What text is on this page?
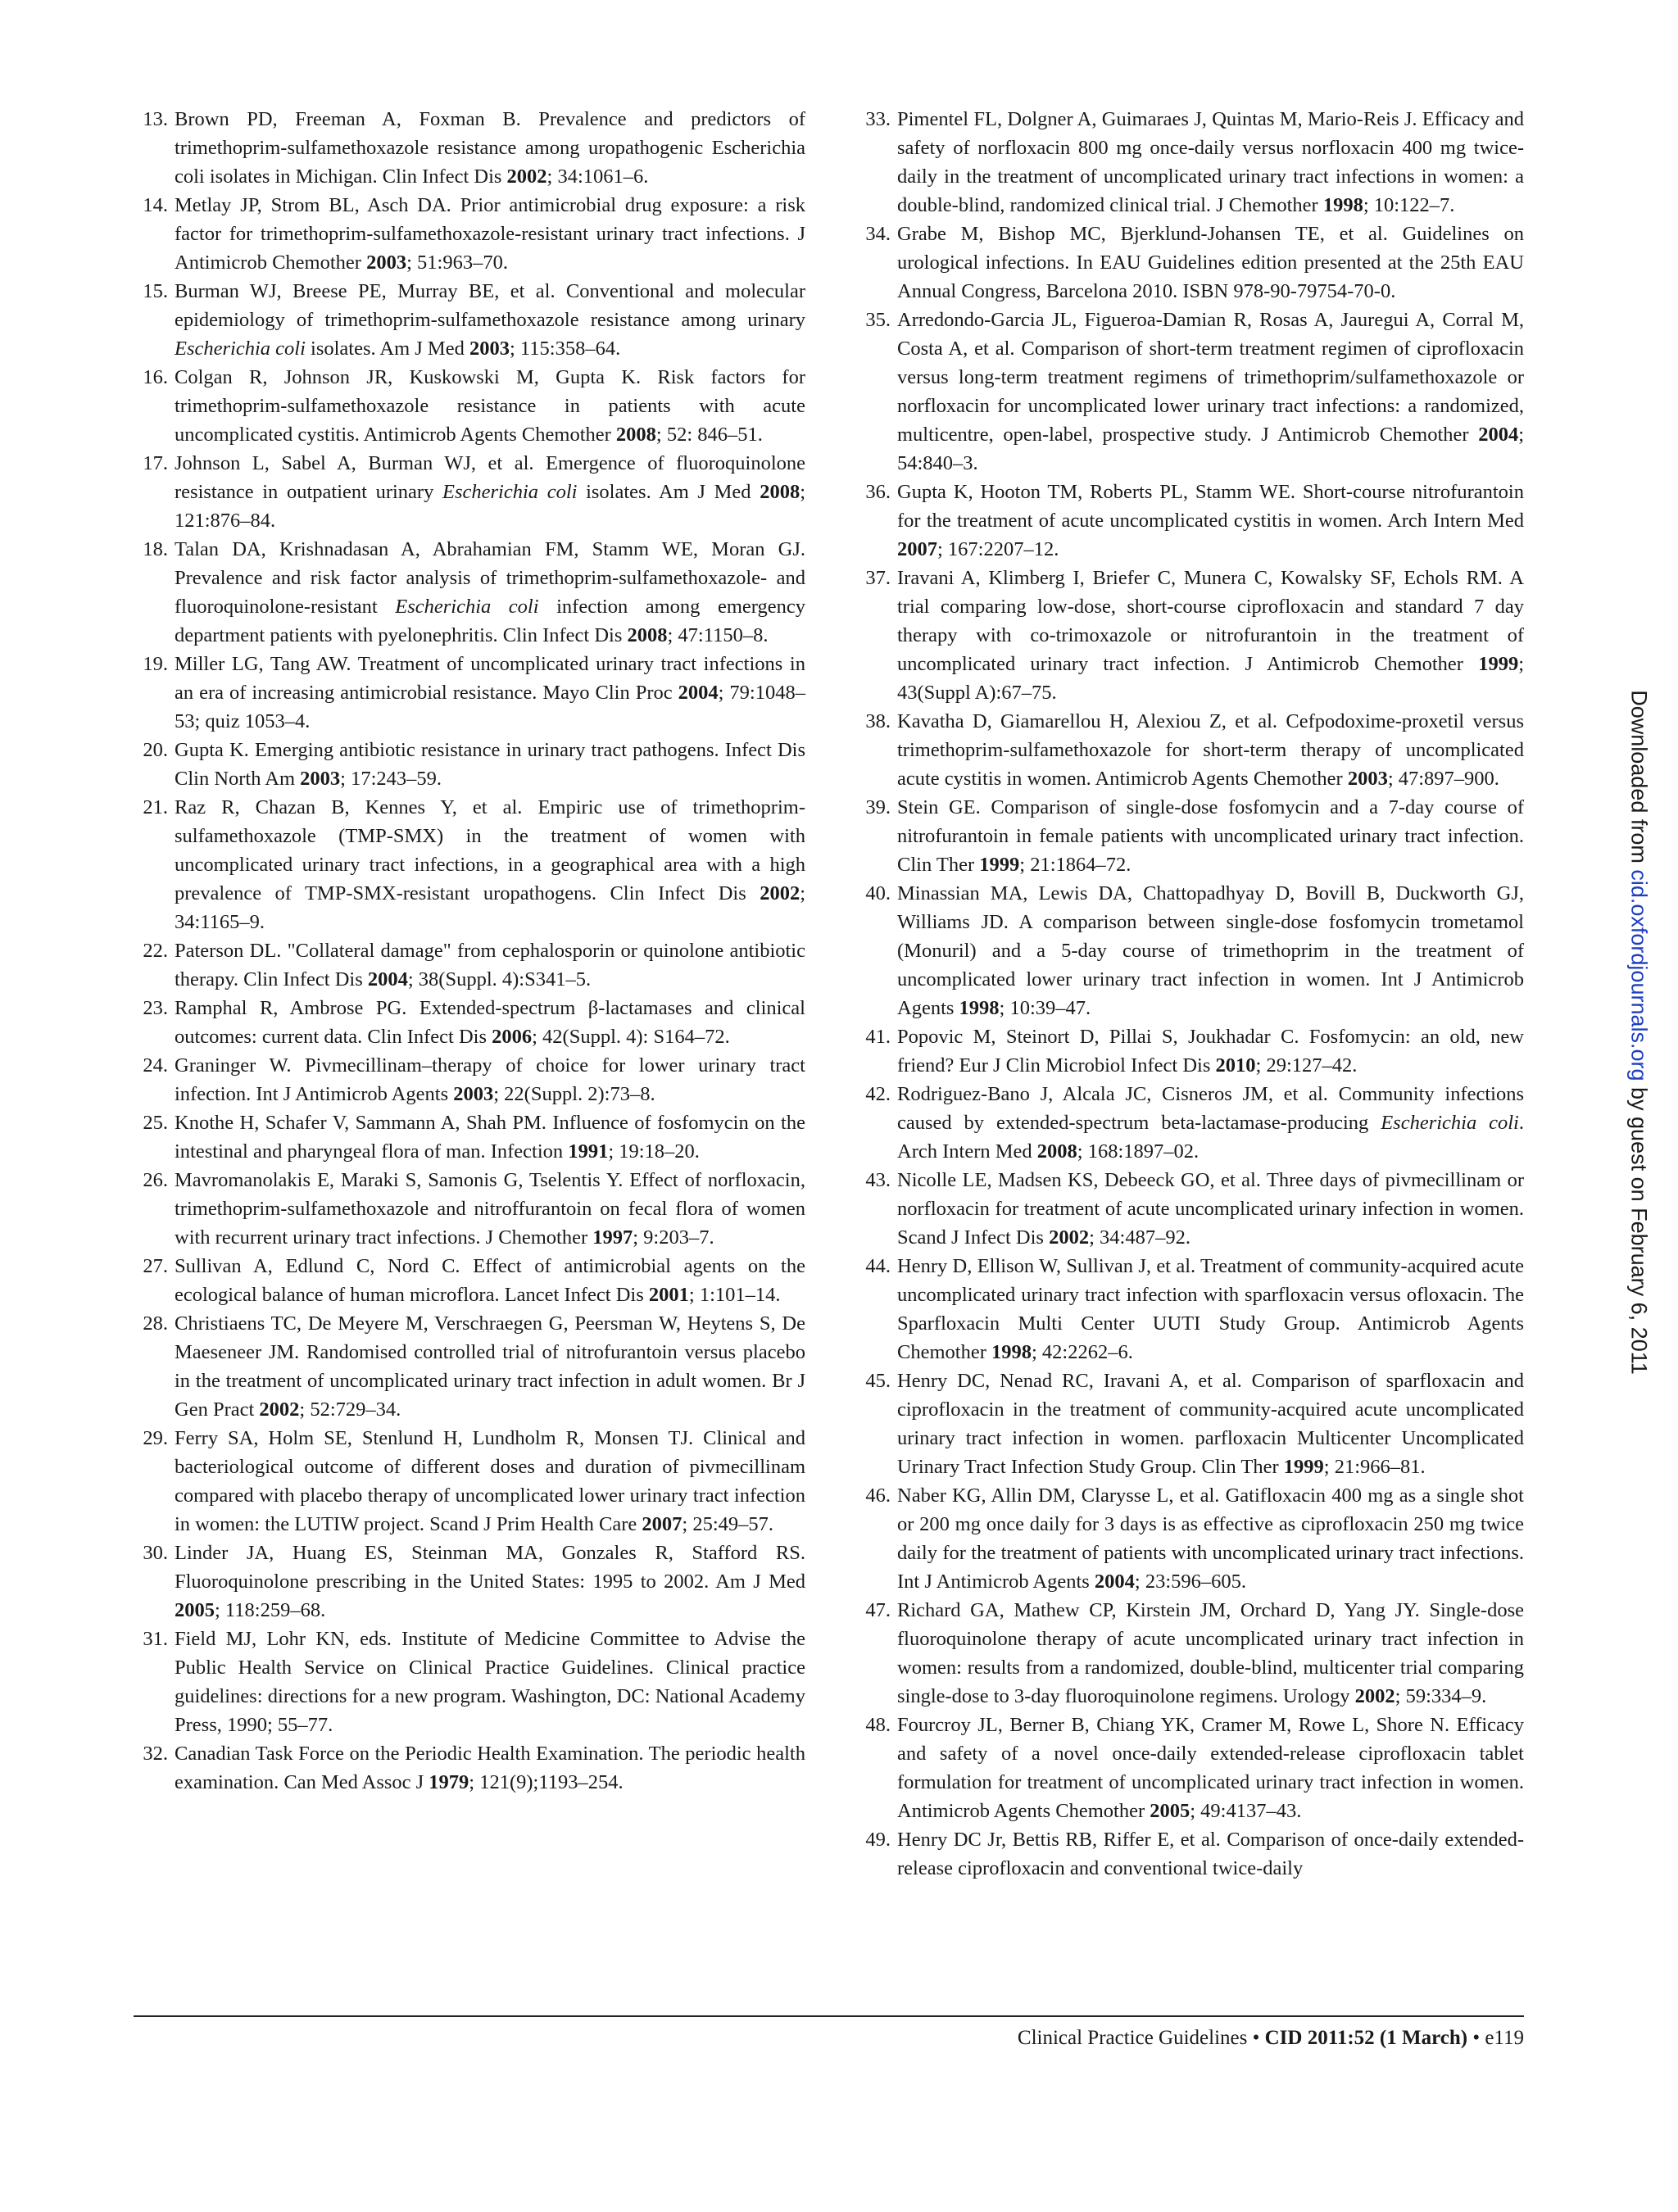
13. Brown PD, Freeman A, Foxman B. Prevalence and predictors of trimethoprim-sulfamethoxazole resistance among uropathogenic Escherichia coli isolates in Michigan. Clin Infect Dis 2002; 34:1061–6.
14. Metlay JP, Strom BL, Asch DA. Prior antimicrobial drug exposure: a risk factor for trimethoprim-sulfamethoxazole-resistant urinary tract infections. J Antimicrob Chemother 2003; 51:963–70.
15. Burman WJ, Breese PE, Murray BE, et al. Conventional and molecular epidemiology of trimethoprim-sulfamethoxazole resistance among urinary Escherichia coli isolates. Am J Med 2003; 115:358–64.
16. Colgan R, Johnson JR, Kuskowski M, Gupta K. Risk factors for trimethoprim-sulfamethoxazole resistance in patients with acute uncomplicated cystitis. Antimicrob Agents Chemother 2008; 52: 846–51.
17. Johnson L, Sabel A, Burman WJ, et al. Emergence of fluoroquinolone resistance in outpatient urinary Escherichia coli isolates. Am J Med 2008; 121:876–84.
18. Talan DA, Krishnadasan A, Abrahamian FM, Stamm WE, Moran GJ. Prevalence and risk factor analysis of trimethoprim-sulfamethoxazole- and fluoroquinolone-resistant Escherichia coli infection among emergency department patients with pyelonephritis. Clin Infect Dis 2008; 47:1150–8.
19. Miller LG, Tang AW. Treatment of uncomplicated urinary tract infections in an era of increasing antimicrobial resistance. Mayo Clin Proc 2004; 79:1048–53; quiz 1053–4.
20. Gupta K. Emerging antibiotic resistance in urinary tract pathogens. Infect Dis Clin North Am 2003; 17:243–59.
21. Raz R, Chazan B, Kennes Y, et al. Empiric use of trimethoprim-sulfamethoxazole (TMP-SMX) in the treatment of women with uncomplicated urinary tract infections, in a geographical area with a high prevalence of TMP-SMX-resistant uropathogens. Clin Infect Dis 2002; 34:1165–9.
22. Paterson DL. "Collateral damage" from cephalosporin or quinolone antibiotic therapy. Clin Infect Dis 2004; 38(Suppl. 4):S341–5.
23. Ramphal R, Ambrose PG. Extended-spectrum β-lactamases and clinical outcomes: current data. Clin Infect Dis 2006; 42(Suppl. 4): S164–72.
24. Graninger W. Pivmecillinam–therapy of choice for lower urinary tract infection. Int J Antimicrob Agents 2003; 22(Suppl. 2):73–8.
25. Knothe H, Schafer V, Sammann A, Shah PM. Influence of fosfomycin on the intestinal and pharyngeal flora of man. Infection 1991; 19:18–20.
26. Mavromanolakis E, Maraki S, Samonis G, Tselentis Y. Effect of norfloxacin, trimethoprim-sulfamethoxazole and nitroffurantoin on fecal flora of women with recurrent urinary tract infections. J Chemother 1997; 9:203–7.
27. Sullivan A, Edlund C, Nord C. Effect of antimicrobial agents on the ecological balance of human microflora. Lancet Infect Dis 2001; 1:101–14.
28. Christiaens TC, De Meyere M, Verschraegen G, Peersman W, Heytens S, De Maeseneer JM. Randomised controlled trial of nitrofurantoin versus placebo in the treatment of uncomplicated urinary tract infection in adult women. Br J Gen Pract 2002; 52:729–34.
29. Ferry SA, Holm SE, Stenlund H, Lundholm R, Monsen TJ. Clinical and bacteriological outcome of different doses and duration of pivmecillinam compared with placebo therapy of uncomplicated lower urinary tract infection in women: the LUTIW project. Scand J Prim Health Care 2007; 25:49–57.
30. Linder JA, Huang ES, Steinman MA, Gonzales R, Stafford RS. Fluoroquinolone prescribing in the United States: 1995 to 2002. Am J Med 2005; 118:259–68.
31. Field MJ, Lohr KN, eds. Institute of Medicine Committee to Advise the Public Health Service on Clinical Practice Guidelines. Clinical practice guidelines: directions for a new program. Washington, DC: National Academy Press, 1990; 55–77.
32. Canadian Task Force on the Periodic Health Examination. The periodic health examination. Can Med Assoc J 1979; 121(9);1193–254.
33. Pimentel FL, Dolgner A, Guimaraes J, Quintas M, Mario-Reis J. Efficacy and safety of norfloxacin 800 mg once-daily versus norfloxacin 400 mg twice-daily in the treatment of uncomplicated urinary tract infections in women: a double-blind, randomized clinical trial. J Chemother 1998; 10:122–7.
34. Grabe M, Bishop MC, Bjerklund-Johansen TE, et al. Guidelines on urological infections. In EAU Guidelines edition presented at the 25th EAU Annual Congress, Barcelona 2010. ISBN 978-90-79754-70-0.
35. Arredondo-Garcia JL, Figueroa-Damian R, Rosas A, Jauregui A, Corral M, Costa A, et al. Comparison of short-term treatment regimen of ciprofloxacin versus long-term treatment regimens of trimethoprim/sulfamethoxazole or norfloxacin for uncomplicated lower urinary tract infections: a randomized, multicentre, open-label, prospective study. J Antimicrob Chemother 2004; 54:840–3.
36. Gupta K, Hooton TM, Roberts PL, Stamm WE. Short-course nitrofurantoin for the treatment of acute uncomplicated cystitis in women. Arch Intern Med 2007; 167:2207–12.
37. Iravani A, Klimberg I, Briefer C, Munera C, Kowalsky SF, Echols RM. A trial comparing low-dose, short-course ciprofloxacin and standard 7 day therapy with co-trimoxazole or nitrofurantoin in the treatment of uncomplicated urinary tract infection. J Antimicrob Chemother 1999; 43(Suppl A):67–75.
38. Kavatha D, Giamarellou H, Alexiou Z, et al. Cefpodoxime-proxetil versus trimethoprim-sulfamethoxazole for short-term therapy of uncomplicated acute cystitis in women. Antimicrob Agents Chemother 2003; 47:897–900.
39. Stein GE. Comparison of single-dose fosfomycin and a 7-day course of nitrofurantoin in female patients with uncomplicated urinary tract infection. Clin Ther 1999; 21:1864–72.
40. Minassian MA, Lewis DA, Chattopadhyay D, Bovill B, Duckworth GJ, Williams JD. A comparison between single-dose fosfomycin trometamol (Monuril) and a 5-day course of trimethoprim in the treatment of uncomplicated lower urinary tract infection in women. Int J Antimicrob Agents 1998; 10:39–47.
41. Popovic M, Steinort D, Pillai S, Joukhadar C. Fosfomycin: an old, new friend? Eur J Clin Microbiol Infect Dis 2010; 29:127–42.
42. Rodriguez-Bano J, Alcala JC, Cisneros JM, et al. Community infections caused by extended-spectrum beta-lactamase-producing Escherichia coli. Arch Intern Med 2008; 168:1897–02.
43. Nicolle LE, Madsen KS, Debeeck GO, et al. Three days of pivmecillinam or norfloxacin for treatment of acute uncomplicated urinary infection in women. Scand J Infect Dis 2002; 34:487–92.
44. Henry D, Ellison W, Sullivan J, et al. Treatment of community-acquired acute uncomplicated urinary tract infection with sparfloxacin versus ofloxacin. The Sparfloxacin Multi Center UUTI Study Group. Antimicrob Agents Chemother 1998; 42:2262–6.
45. Henry DC, Nenad RC, Iravani A, et al. Comparison of sparfloxacin and ciprofloxacin in the treatment of community-acquired acute uncomplicated urinary tract infection in women. parfloxacin Multicenter Uncomplicated Urinary Tract Infection Study Group. Clin Ther 1999; 21:966–81.
46. Naber KG, Allin DM, Clarysse L, et al. Gatifloxacin 400 mg as a single shot or 200 mg once daily for 3 days is as effective as ciprofloxacin 250 mg twice daily for the treatment of patients with uncomplicated urinary tract infections. Int J Antimicrob Agents 2004; 23:596–605.
47. Richard GA, Mathew CP, Kirstein JM, Orchard D, Yang JY. Single-dose fluoroquinolone therapy of acute uncomplicated urinary tract infection in women: results from a randomized, double-blind, multicenter trial comparing single-dose to 3-day fluoroquinolone regimens. Urology 2002; 59:334–9.
48. Fourcroy JL, Berner B, Chiang YK, Cramer M, Rowe L, Shore N. Efficacy and safety of a novel once-daily extended-release ciprofloxacin tablet formulation for treatment of uncomplicated urinary tract infection in women. Antimicrob Agents Chemother 2005; 49:4137–43.
49. Henry DC Jr, Bettis RB, Riffer E, et al. Comparison of once-daily extended-release ciprofloxacin and conventional twice-daily
Downloaded from cid.oxfordjournals.org by guest on February 6, 2011
Clinical Practice Guidelines • CID 2011:52 (1 March) • e119
